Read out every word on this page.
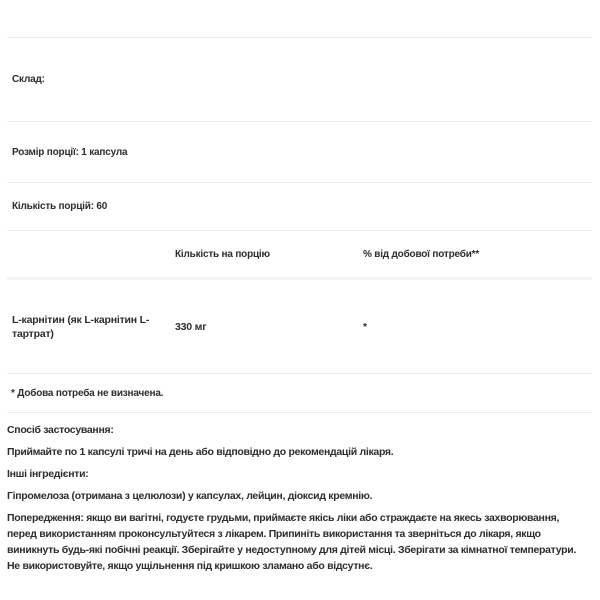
Склад:
Розмір порції: 1 капсула
Кількість порцій: 60
Кількість на порцію	% від добової потреби**
L-карнітин (як L-карнітин L-тартрат)
330 мг	*
* Добова потреба не визначена.

Спосіб застосування:

Приймайте по 1 капсулі тричі на день або відповідно до рекомендацій лікаря.

Інші інгредієнти:

Гіпромелоза (отримана з целюлози) у капсулах, лейцин, діоксид кремнію.

Попередження: якщо ви вагітні, годуєте грудьми, приймаєте якісь ліки або страждаєте на якесь захворювання, перед використанням проконсультуйтеся з лікарем. Припиніть використання та зверніться до лікаря, якщо виникнуть будь-які побічні реакції. Зберігайте у недоступному для дітей місці. Зберігати за кімнатної температури. Не використовуйте, якщо ущільнення під кришкою зламано або відсутнє.
